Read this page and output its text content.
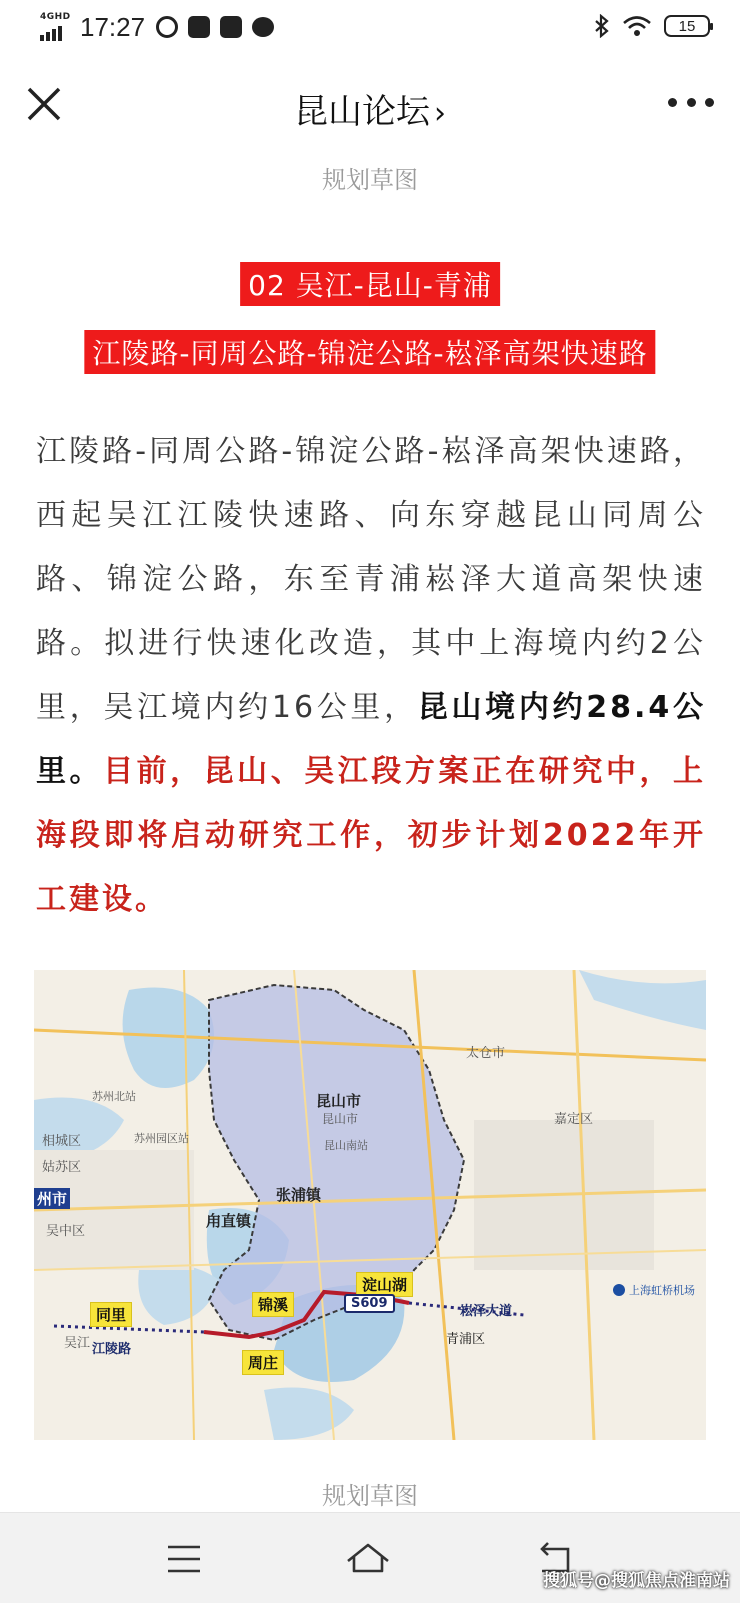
4GHD 17:27	15
昆山论坛 ›
规划草图
02 吴江-昆山-青浦
江陵路-同周公路-锦淀公路-崧泽高架快速路
江陵路-同周公路-锦淀公路-崧泽高架快速路，西起吴江江陵快速路、向东穿越昆山同周公路、锦淀公路，东至青浦崧泽大道高架快速路。拟进行快速化改造，其中上海境内约2公里，吴江境内约16公里，昆山境内约28.4公里。目前，昆山、吴江段方案正在研究中，上海段即将启动研究工作，初步计划2022年开工建设。
昆山市
昆山市
昆山南站
张浦镇
甪直镇
太仓市
嘉定区
苏州北站
相城区
姑苏区
苏州园区站
州市
吴中区
吴江	青浦区
上海虹桥机场
同里
锦溪
淀山湖
周庄
S609
江陵路
崧泽大道
规划草图
搜狐号@搜狐焦点淮南站
